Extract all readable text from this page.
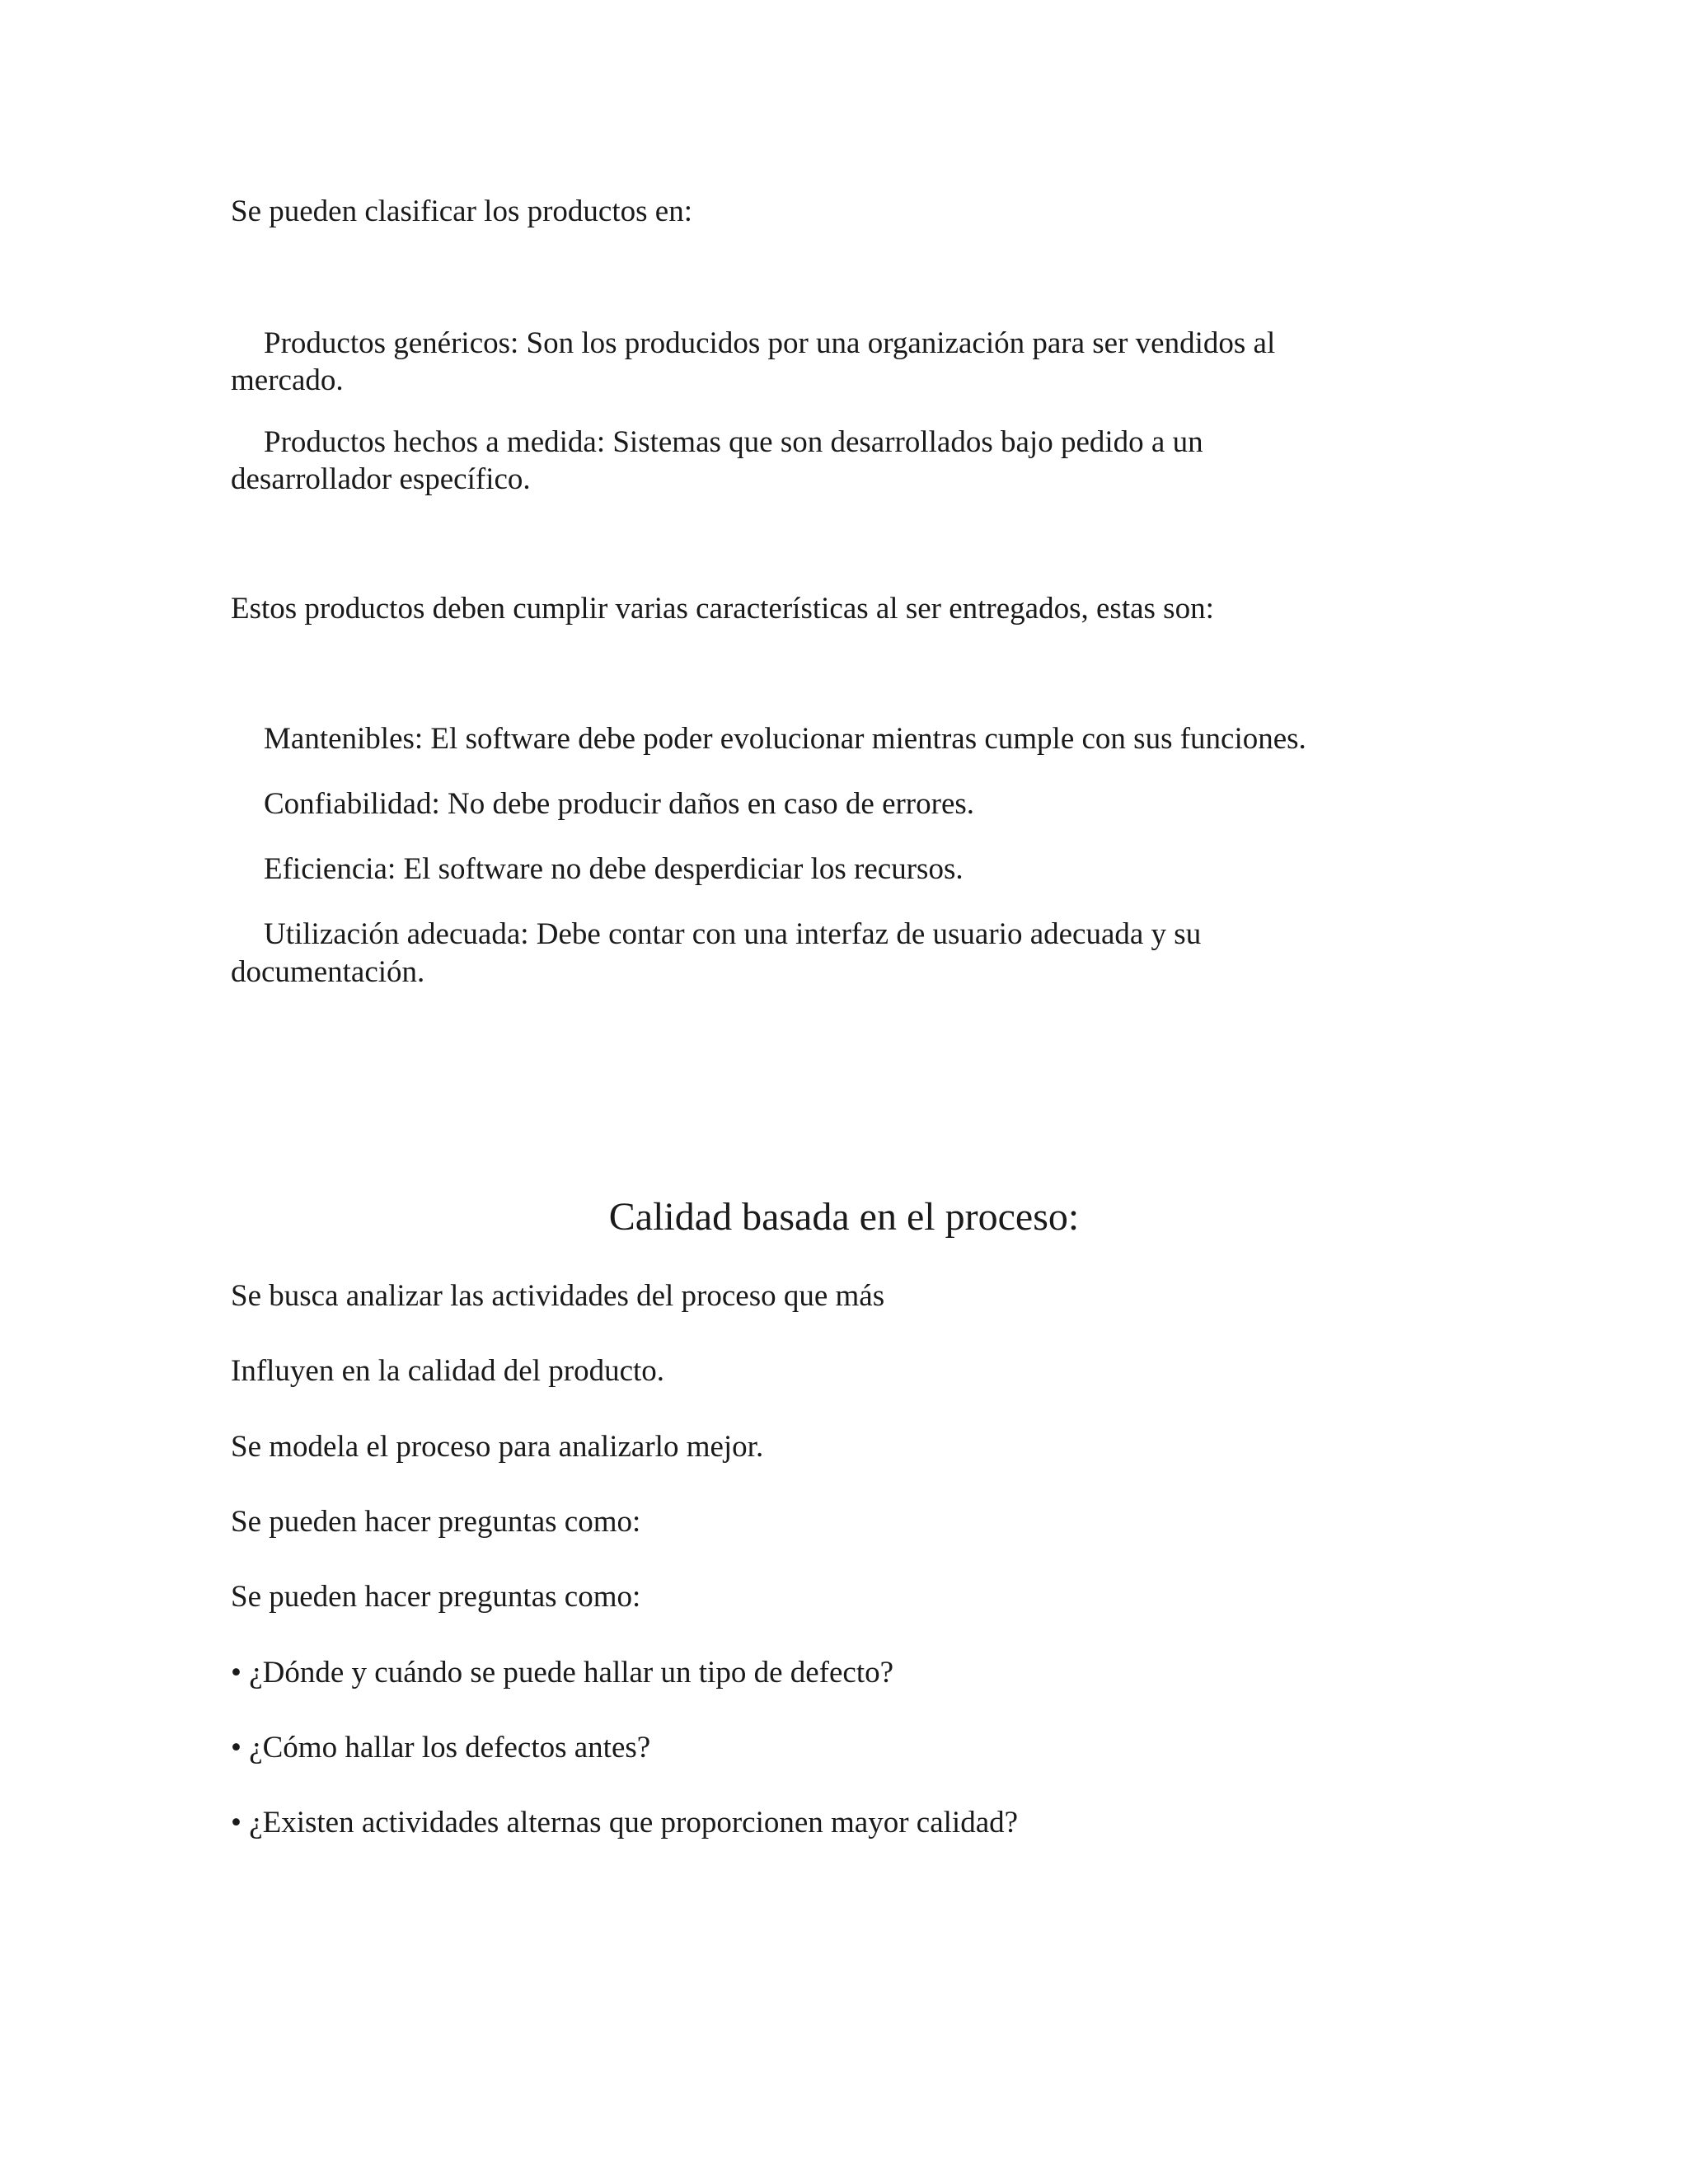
Se pueden clasificar los productos en:

Productos genéricos: Son los producidos por una organización para ser vendidos al

mercado.

Productos hechos a medida: Sistemas que son desarrollados bajo pedido a un

desarrollador específico.

Estos productos deben cumplir varias características al ser entregados, estas son:

Mantenibles: El software debe poder evolucionar mientras cumple con sus funciones.

Confiabilidad: No debe producir daños en caso de errores.

Eficiencia: El software no debe desperdiciar los recursos.

Utilización adecuada: Debe contar con una interfaz de usuario adecuada y su

documentación.

Calidad basada en el proceso:

Se busca analizar las actividades del proceso que más

Influyen en la calidad del producto.

Se modela el proceso para analizarlo mejor.

Se pueden hacer preguntas como:

Se pueden hacer preguntas como:

• ¿Dónde y cuándo se puede hallar un tipo de defecto?

• ¿Cómo hallar los defectos antes?

• ¿Existen actividades alternas que proporcionen mayor calidad?
